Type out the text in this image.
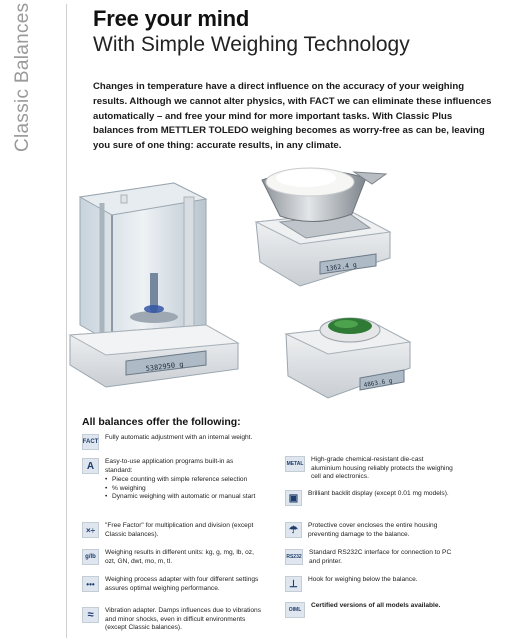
Classic Balances	Free your mind
With Simple Weighing Technology
Changes in temperature have a direct influence on the accuracy of your weighing results. Although we cannot alter physics, with FACT we can eliminate these influences automatically – and free your mind for more important tasks. With Classic Plus balances from METTLER TOLEDO weighing becomes as worry-free as can be, leaving you sure of one thing: accurate results, in any climate.
5382950 g
1362.4 g
4863.6 g
All balances offer the following:
FACT
Fully automatic adjustment with an internal weight.
A	Easy-to-use application programs built-in as standard:
• Piece counting with simple reference selection
• % weighing
• Dynamic weighing with automatic or manual start
×÷	"Free Factor" for multiplication and division (except Classic balances).
g/lb
Weighing results in different units: kg, g, mg, lb, oz, ozt, GN, dwt, mo, m, tl.
•••	Weighing process adapter with four different settings assures optimal weighing performance.
≈	Vibration adapter. Damps influences due to vibrations and minor shocks, even in difficult environments (except Classic balances).
METAL
High-grade chemical-resistant die-cast aluminium housing reliably protects the weighing cell and electronics.
▣	Brilliant backlit display (except 0.01 mg models).
☂	Protective cover encloses the entire housing preventing damage to the balance.
RS232
Standard RS232C interface for connection to PC and printer.
⊥	Hook for weighing below the balance.
OIML
Certified versions of all models available.
